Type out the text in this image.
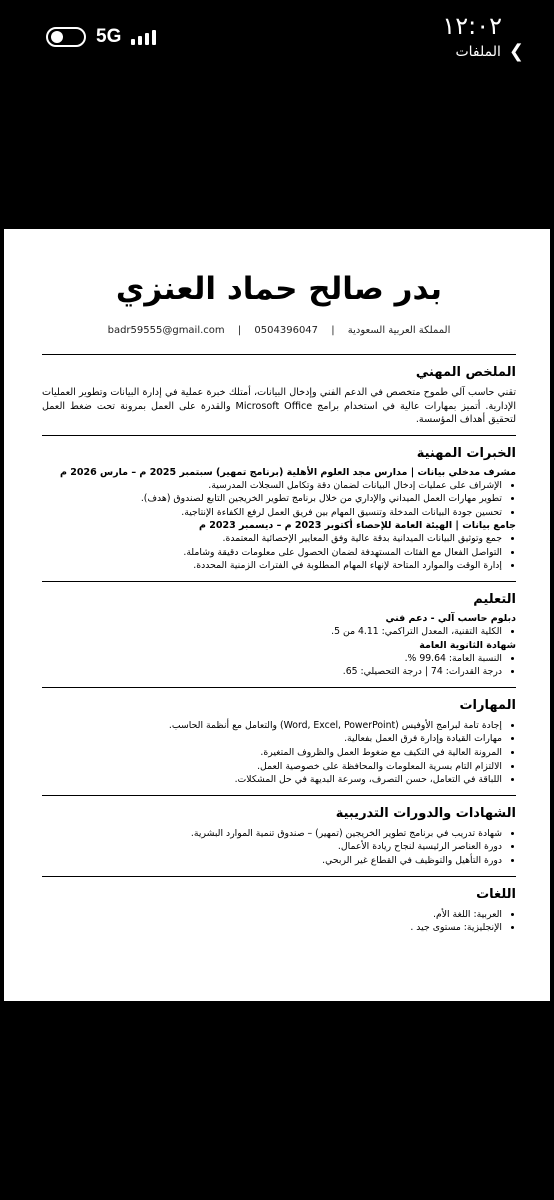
5G	١٢:٠٢
❯
الملفات
بدر صالح حماد العنزي
المملكة العربية السعودية | 0504396047 | badr59555@gmail.com
الملخص المهني
تقني حاسب آلي طموح متخصص في الدعم الفني وإدخال البيانات، أمتلك خبرة عملية في إدارة البيانات وتطوير العمليات الإدارية. أتميز بمهارات عالية في استخدام برامج Microsoft Office والقدرة على العمل بمرونة تحت ضغط العمل لتحقيق أهداف المؤسسة.
الخبرات المهنية
مشرف مدخلي بيانات | مدارس مجد العلوم الأهلية (برنامج تمهير) سبتمبر 2025 م – مارس 2026 م
• الإشراف على عمليات إدخال البيانات لضمان دقة وتكامل السجلات المدرسية.
• تطوير مهارات العمل الميداني والإداري من خلال برنامج تطوير الخريجين التابع لصندوق (هدف).
• تحسين جودة البيانات المدخلة وتنسيق المهام بين فريق العمل لرفع الكفاءة الإنتاجية.
جامع بيانات | الهيئة العامة للإحصاء أكتوبر 2023 م – ديسمبر 2023 م
• جمع وتوثيق البيانات الميدانية بدقة عالية وفق المعايير الإحصائية المعتمدة.
• التواصل الفعال مع الفئات المستهدفة لضمان الحصول على معلومات دقيقة وشاملة.
• إدارة الوقت والموارد المتاحة لإنهاء المهام المطلوبة في الفترات الزمنية المحددة.
التعليم
دبلوم حاسب آلي - دعم فني
• الكلية التقنية، المعدل التراكمي: 4.11 من 5.
شهادة الثانوية العامة
• النسبة العامة: 99.64 %.
• درجة القدرات: 74 | درجة التحصيلي: 65.
المهارات
• إجادة تامة لبرامج الأوفيس (Word, Excel, PowerPoint) والتعامل مع أنظمة الحاسب.
• مهارات القيادة وإدارة فرق العمل بفعالية.
• المرونة العالية في التكيف مع ضغوط العمل والظروف المتغيرة.
• الالتزام التام بسرية المعلومات والمحافظة على خصوصية العمل.
• اللباقة في التعامل، حسن التصرف، وسرعة البديهة في حل المشكلات.
الشهادات والدورات التدريبية
• شهادة تدريب في برنامج تطوير الخريجين (تمهير) – صندوق تنمية الموارد البشرية.
• دورة العناصر الرئيسية لنجاح ريادة الأعمال.
• دورة التأهيل والتوظيف في القطاع غير الربحي.
اللغات
• العربية: اللغة الأم.
• الإنجليزية: مستوى جيد .
